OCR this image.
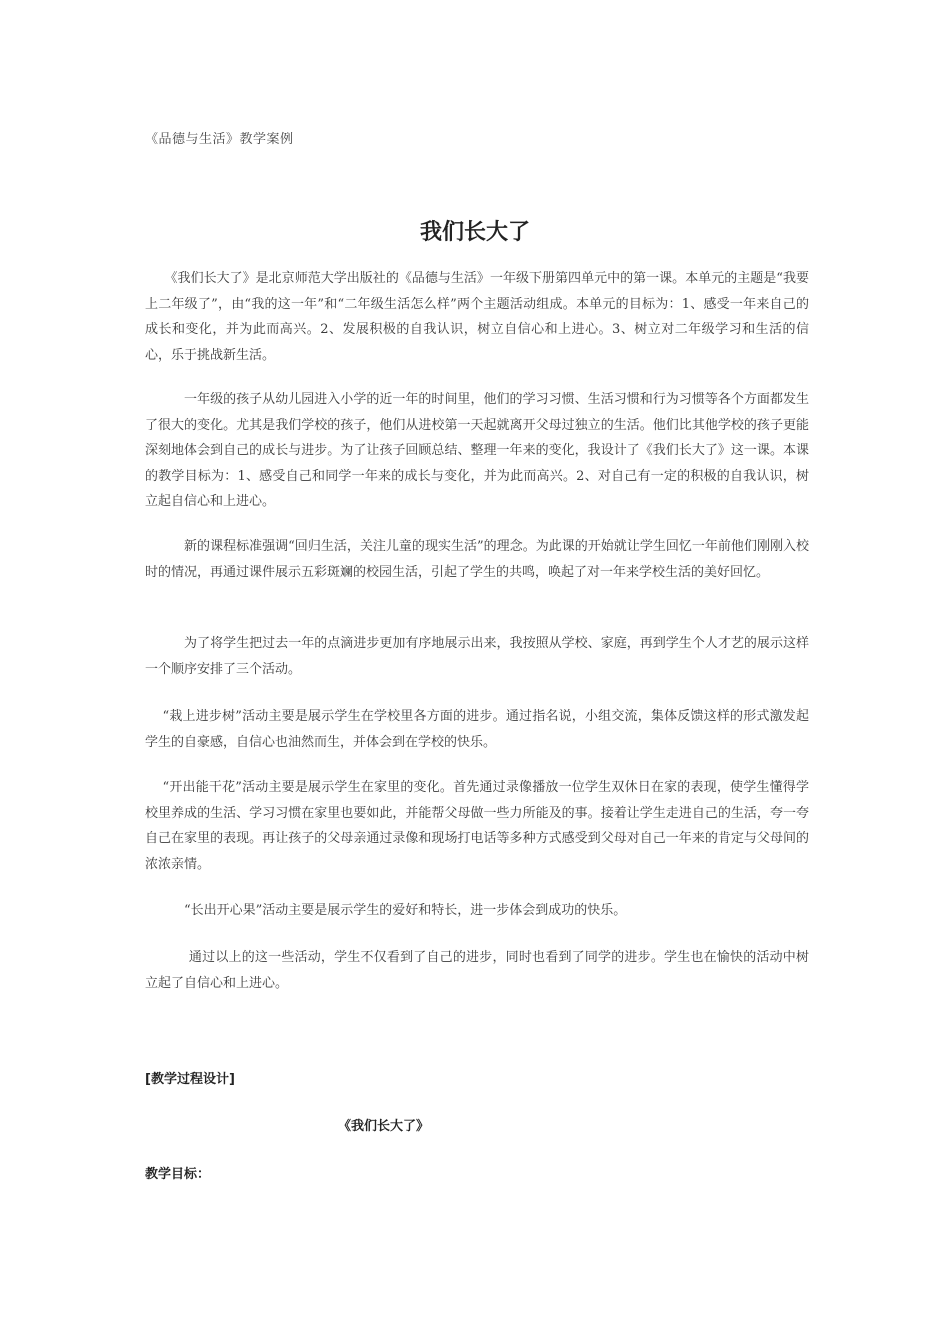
《品德与生活》教学案例
我们长大了

　　《我们长大了》是北京师范大学出版社的《品德与生活》一年级下册第四单元中的第一课。本单元的主题是“我要上二年级了”，由“我的这一年”和“二年级生活怎么样”两个主题活动组成。本单元的目标为：1、感受一年来自己的成长和变化，并为此而高兴。2、发展积极的自我认识，树立自信心和上进心。3、树立对二年级学习和生活的信心，乐于挑战新生活。

　　　一年级的孩子从幼儿园进入小学的近一年的时间里，他们的学习习惯、生活习惯和行为习惯等各个方面都发生了很大的变化。尤其是我们学校的孩子，他们从进校第一天起就离开父母过独立的生活。他们比其他学校的孩子更能深刻地体会到自己的成长与进步。为了让孩子回顾总结、整理一年来的变化，我设计了《我们长大了》这一课。本课的教学目标为：1、感受自己和同学一年来的成长与变化，并为此而高兴。2、对自己有一定的积极的自我认识，树立起自信心和上进心。

　　　新的课程标准强调“回归生活，关注儿童的现实生活”的理念。为此课的开始就让学生回忆一年前他们刚刚入校时的情况，再通过课件展示五彩斑斓的校园生活，引起了学生的共鸣，唤起了对一年来学校生活的美好回忆。

　　　为了将学生把过去一年的点滴进步更加有序地展示出来，我按照从学校、家庭，再到学生个人才艺的展示这样一个顺序安排了三个活动。

　 “栽上进步树”活动主要是展示学生在学校里各方面的进步。通过指名说，小组交流，集体反馈这样的形式激发起学生的自豪感，自信心也油然而生，并体会到在学校的快乐。

　 “开出能干花”活动主要是展示学生在家里的变化。首先通过录像播放一位学生双休日在家的表现，使学生懂得学校里养成的生活、学习习惯在家里也要如此，并能帮父母做一些力所能及的事。接着让学生走进自己的生活，夸一夸自己在家里的表现。再让孩子的父母亲通过录像和现场打电话等多种方式感受到父母对自己一年来的肯定与父母间的浓浓亲情。

　　　“长出开心果”活动主要是展示学生的爱好和特长，进一步体会到成功的快乐。

　　　 通过以上的这一些活动，学生不仅看到了自己的进步，同时也看到了同学的进步。学生也在愉快的活动中树立起了自信心和上进心。

[教学过程设计]
《我们长大了》
教学目标：
